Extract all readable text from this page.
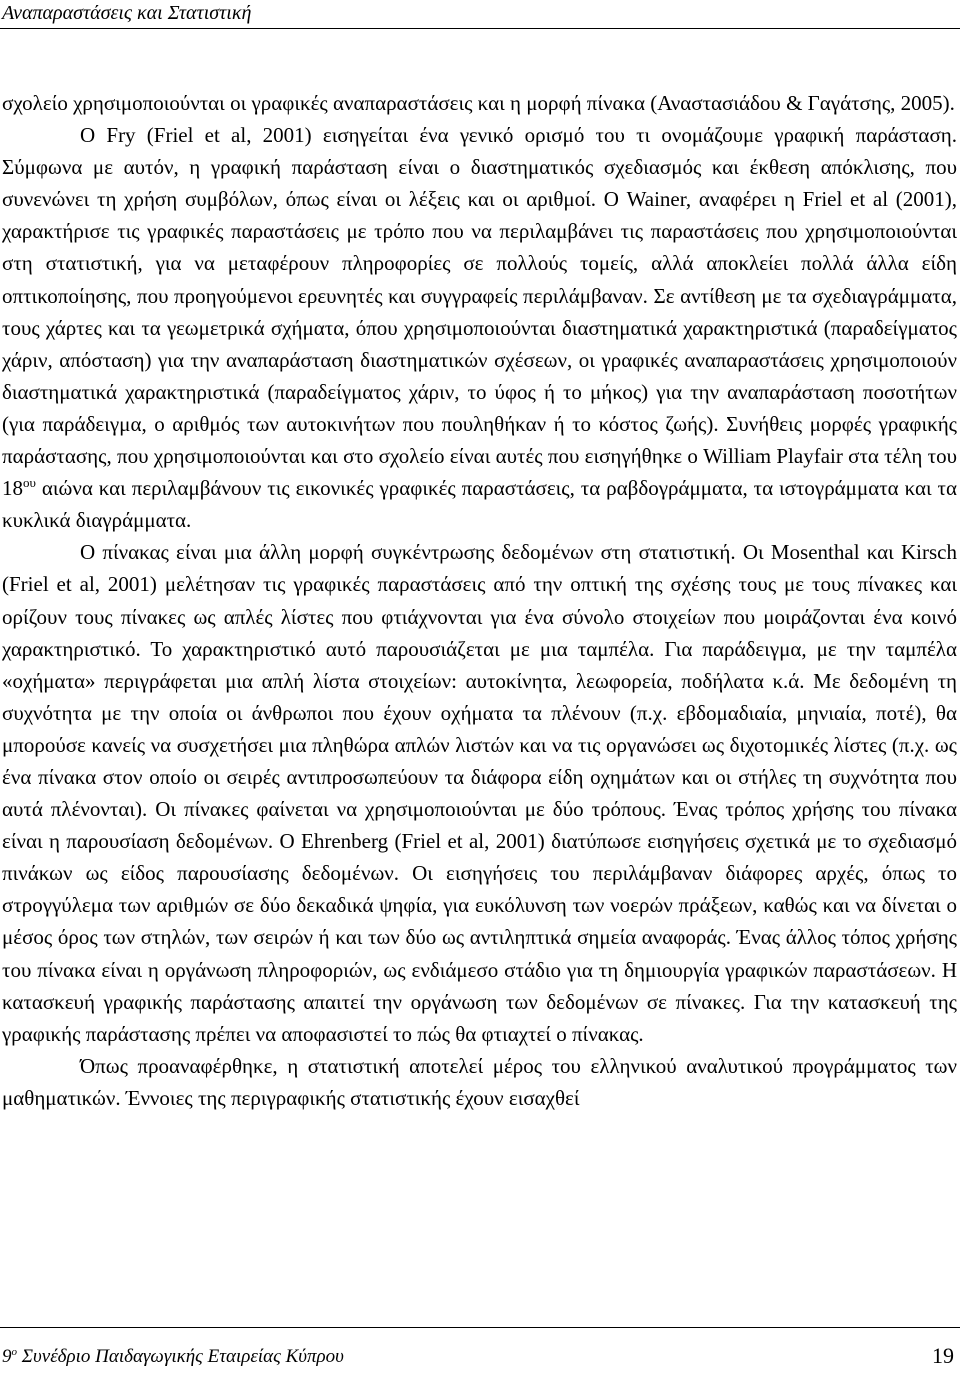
Αναπαραστάσεις και Στατιστική

σχολείο χρησιμοποιούνται οι γραφικές αναπαραστάσεις και η μορφή πίνακα (Αναστασιάδου & Γαγάτσης, 2005).

Ο Fry (Friel et al, 2001) εισηγείται ένα γενικό ορισμό του τι ονομάζουμε γραφική παράσταση. Σύμφωνα με αυτόν, η γραφική παράσταση είναι ο διαστηματικός σχεδιασμός και έκθεση απόκλισης, που συνενώνει τη χρήση συμβόλων, όπως είναι οι λέξεις και οι αριθμοί. Ο Wainer, αναφέρει η Friel et al (2001), χαρακτήρισε τις γραφικές παραστάσεις με τρόπο που να περιλαμβάνει τις παραστάσεις που χρησιμοποιούνται στη στατιστική, για να μεταφέρουν πληροφορίες σε πολλούς τομείς, αλλά αποκλείει πολλά άλλα είδη οπτικοποίησης, που προηγούμενοι ερευνητές και συγγραφείς περιλάμβαναν. Σε αντίθεση με τα σχεδιαγράμματα, τους χάρτες και τα γεωμετρικά σχήματα, όπου χρησιμοποιούνται διαστηματικά χαρακτηριστικά (παραδείγματος χάριν, απόσταση) για την αναπαράσταση διαστηματικών σχέσεων, οι γραφικές αναπαραστάσεις χρησιμοποιούν διαστηματικά χαρακτηριστικά (παραδείγματος χάριν, το ύφος ή το μήκος) για την αναπαράσταση ποσοτήτων (για παράδειγμα, ο αριθμός των αυτοκινήτων που πουληθήκαν ή το κόστος ζωής). Συνήθεις μορφές γραφικής παράστασης, που χρησιμοποιούνται και στο σχολείο είναι αυτές που εισηγήθηκε ο William Playfair στα τέλη του $18^{o\upsilon}$ αιώνα και περιλαμβάνουν τις εικονικές γραφικές παραστάσεις, τα ραβδογράμματα, τα ιστογράμματα και τα κυκλικά διαγράμματα.

Ο πίνακας είναι μια άλλη μορφή συγκέντρωσης δεδομένων στη στατιστική. Οι Mosenthal και Kirsch (Friel et al, 2001) μελέτησαν τις γραφικές παραστάσεις από την οπτική της σχέσης τους με τους πίνακες και ορίζουν τους πίνακες ως απλές λίστες που φτιάχνονται για ένα σύνολο στοιχείων που μοιράζονται ένα κοινό χαρακτηριστικό. Το χαρακτηριστικό αυτό παρουσιάζεται με μια ταμπέλα. Για παράδειγμα, με την ταμπέλα «οχήματα» περιγράφεται μια απλή λίστα στοιχείων: αυτοκίνητα, λεωφορεία, ποδήλατα κ.ά. Με δεδομένη τη συχνότητα με την οποία οι άνθρωποι που έχουν οχήματα τα πλένουν (π.χ. εβδομαδιαία, μηνιαία, ποτέ), θα μπορούσε κανείς να συσχετήσει μια πληθώρα απλών λιστών και να τις οργανώσει ως διχοτομικές λίστες (π.χ. ως ένα πίνακα στον οποίο οι σειρές αντιπροσωπεύουν τα διάφορα είδη οχημάτων και οι στήλες τη συχνότητα που αυτά πλένονται). Οι πίνακες φαίνεται να χρησιμοποιούνται με δύο τρόπους. Ένας τρόπος χρήσης του πίνακα είναι η παρουσίαση δεδομένων. Ο Ehrenberg (Friel et al, 2001) διατύπωσε εισηγήσεις σχετικά με το σχεδιασμό πινάκων ως είδος παρουσίασης δεδομένων. Οι εισηγήσεις του περιλάμβαναν διάφορες αρχές, όπως το στρογγύλεμα των αριθμών σε δύο δεκαδικά ψηφία, για ευκόλυνση των νοερών πράξεων, καθώς και να δίνεται ο μέσος όρος των στηλών, των σειρών ή και των δύο ως αντιληπτικά σημεία αναφοράς. Ένας άλλος τόπος χρήσης του πίνακα είναι η οργάνωση πληροφοριών, ως ενδιάμεσο στάδιο για τη δημιουργία γραφικών παραστάσεων. Η κατασκευή γραφικής παράστασης απαιτεί την οργάνωση των δεδομένων σε πίνακες. Για την κατασκευή της γραφικής παράστασης πρέπει να αποφασιστεί το πώς θα φτιαχτεί ο πίνακας.

Όπως προαναφέρθηκε, η στατιστική αποτελεί μέρος του ελληνικού αναλυτικού προγράμματος των μαθηματικών. Έννοιες της περιγραφικής στατιστικής έχουν εισαχθεί

$9^o$ Συνέδριο Παιδαγωγικής Εταιρείας Κύπρου	19
